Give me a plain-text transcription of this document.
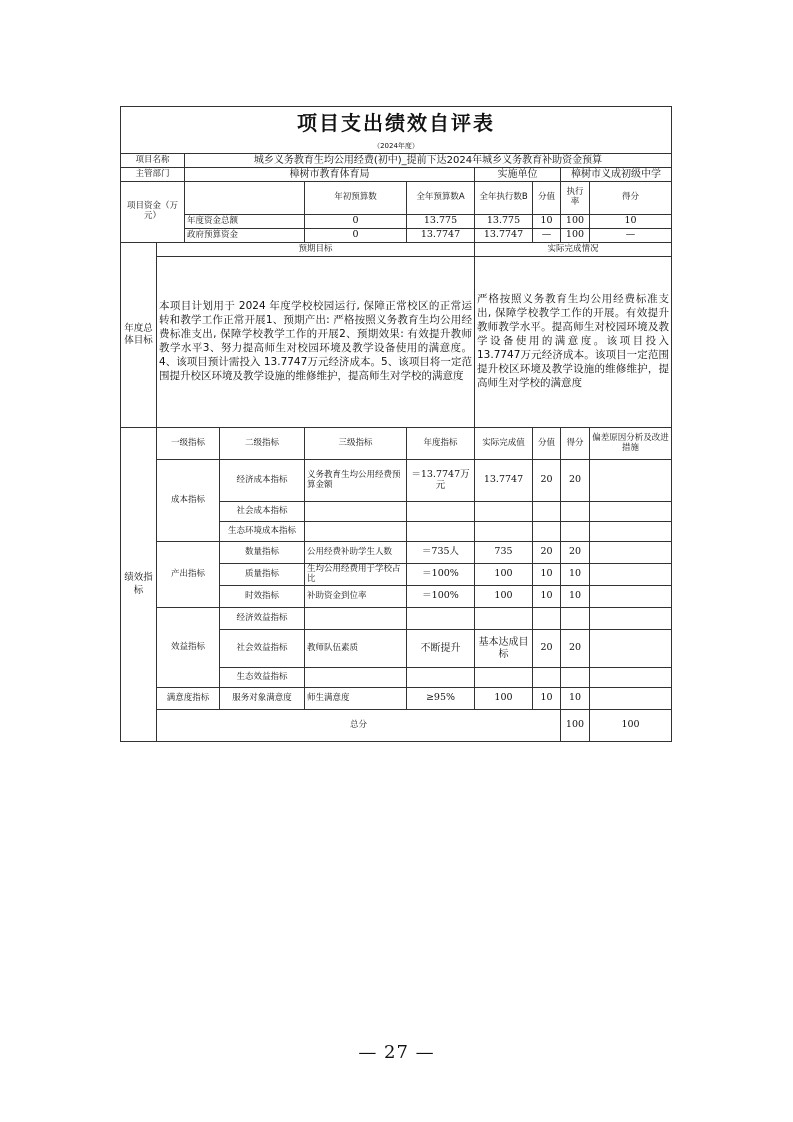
项目支出绩效自评表										
（2024年度）										
项目名称		城乡义务教育生均公用经费(初中)_提前下达2024年城乡义务教育补助资金预算								
主管部门		樟树市教育体育局				实施单位		樟树市义成初级中学		
项目资金（万元）				年初预算数	全年预算数A	全年执行数B	分值	执行率	得分	
		年度资金总额		0	13.775	13.775	10	100	10	
		政府预算资金		0	13.7747	13.7747	—	100	—	
年度总体目标	预期目标					实际完成情况				
	本项目计划用于 2024 年度学校校园运行, 保障正常校区的正常运转和教学工作正常开展1、预期产出: 严格按照义务教育生均公用经费标准支出, 保障学校教学工作的开展2、预期效果: 有效提升教师教学水平3、努力提高师生对校园环境及教学设备使用的满意度。4、该项目预计需投入 13.7747万元经济成本。5、该项目将一定范围提升校区环境及教学设施的维修维护，提高师生对学校的满意度					严格按照义务教育生均公用经费标准支出, 保障学校教学工作的开展。有效提升教师教学水平。提高师生对校园环境及教学设备使用的满意度。该项目投入 13.7747万元经济成本。该项目一定范围提升校区环境及教学设施的维修维护，提高师生对学校的满意度				
绩效指标	一级指标		二级指标	三级指标	年度指标	实际完成值	分值	得分	偏差原因分析及改进措施	
	成本指标		经济成本指标	义务教育生均公用经费预算金额	＝13.7747万元	13.7747	20	20		
			社会成本指标							
			生态环境成本指标							
	产出指标		数量指标	公用经费补助学生人数	＝735人	735	20	20		
			质量指标	生均公用经费用于学校占比	＝100%	100	10	10		
			时效指标	补助资金到位率	＝100%	100	10	10		
	效益指标		经济效益指标							
			社会效益指标	教师队伍素质	不断提升	基本达成目标	20	20		
			生态效益指标							
	满意度指标		服务对象满意度	师生满意度	≥95%	100	10	10		
	总分							100	100	
— 27 —
